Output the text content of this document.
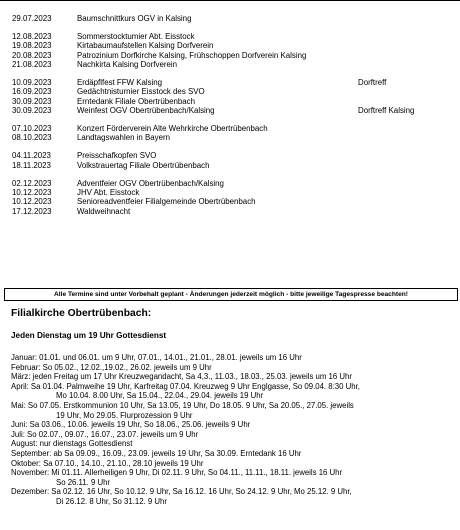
29.07.2023	Baumschnittkurs OGV in Kalsing
12.08.2023	Sommerstocktumier Abt. Eisstock
19.08.2023	Kirtabaumaufstellen Kalsing Dorfverein
20.08.2023	Patrozinium Dorfkirche Kalsing, Frühschoppen Dorfverein Kalsing
21.08.2023	Nachkirta Kalsing Dorfverein
10.09.2023	Erdäpflfest FFW Kalsing	Dorftreff
16.09.2023	Gedächtnisturnier Eisstock des SVO
30.09.2023	Erntedank Filiale Obertrübenbach
30.09.2023	Weinfest OGV Obertrübenbach/Kalsing	Dorftreff Kalsing
07.10.2023	Konzert Förderverein Alte Wehrkirche Obertrübenbach
08.10.2023	Landtagswahlen in Bayern
04.11.2023	Preisschafkopfen SVO
18.11.2023	Volkstrauertag Filiale Obertrübenbach
02.12.2023	Adventfeier OGV Obertrübenbach/Kalsing
10.12.2023	JHV Abt. Eisstock
10.12.2023	Senioreadventfeier Filialgemeinde Obertrübenbach
17.12.2023	Waldweihnacht
Alle Termine sind unter Vorbehalt geplant - Änderungen jederzeit möglich - bitte jeweilige Tagespresse beachten!
Filialkirche Obertrübenbach:
Jeden Dienstag um 19 Uhr Gottesdienst
Januar: 01.01. und 06.01. um 9 Uhr, 07.01., 14.01., 21.01., 28.01. jeweils um 16 Uhr
Februar: So 05.02., 12.02.,19.02., 26.02. jeweils um 9 Uhr
März: jeden Freitag um 17 Uhr Kreuzwegandacht, Sa 4,3., 11.03., 18.03., 25.03. jeweils um 16 Uhr
April: Sa 01.04. Palmweihe 19 Uhr, Karfreitag 07.04. Kreuzweg 9 Uhr Englgasse, So 09.04. 8:30 Uhr,
Mo 10.04. 8.00 Uhr, Sa 15.04., 22.04., 29.04. jeweils 19 Uhr
Mai: So 07.05. Erstkommunion 10 Uhr, Sa 13.05, 19 Uhr, Do 18.05. 9 Uhr, Sa 20.05., 27.05. jeweils
19 Uhr, Mo 29.05. Flurprozession 9 Uhr
Juni: Sa 03.06., 10.06. jeweils 19 Uhr, So 18.06., 25.06. jeweils 9 Uhr
Juli: So 02.07., 09.07., 16.07., 23.07. jeweils um 9 Uhr
August: nur dienstags Gottesdienst
September: ab Sa 09.09., 16.09., 23.09. jeweils 19 Uhr, Sa 30.09. Erntedank 16 Uhr
Oktober: Sa 07.10., 14.10., 21.10., 28.10 jeweils 19 Uhr
November: Mi 01.11. Allerheiligen 9 Uhr, Di 02.11. 9 Uhr, So 04.11., 11.11., 18.11. jeweils 16 Uhr
So 26.11. 9 Uhr
Dezember: Sa 02.12. 16 Uhr, So 10.12. 9 Uhr, Sa 16.12. 16 Uhr, So 24.12. 9 Uhr, Mo 25.12. 9 Uhr,
Di 26.12. 8 Uhr, So 31.12. 9 Uhr
